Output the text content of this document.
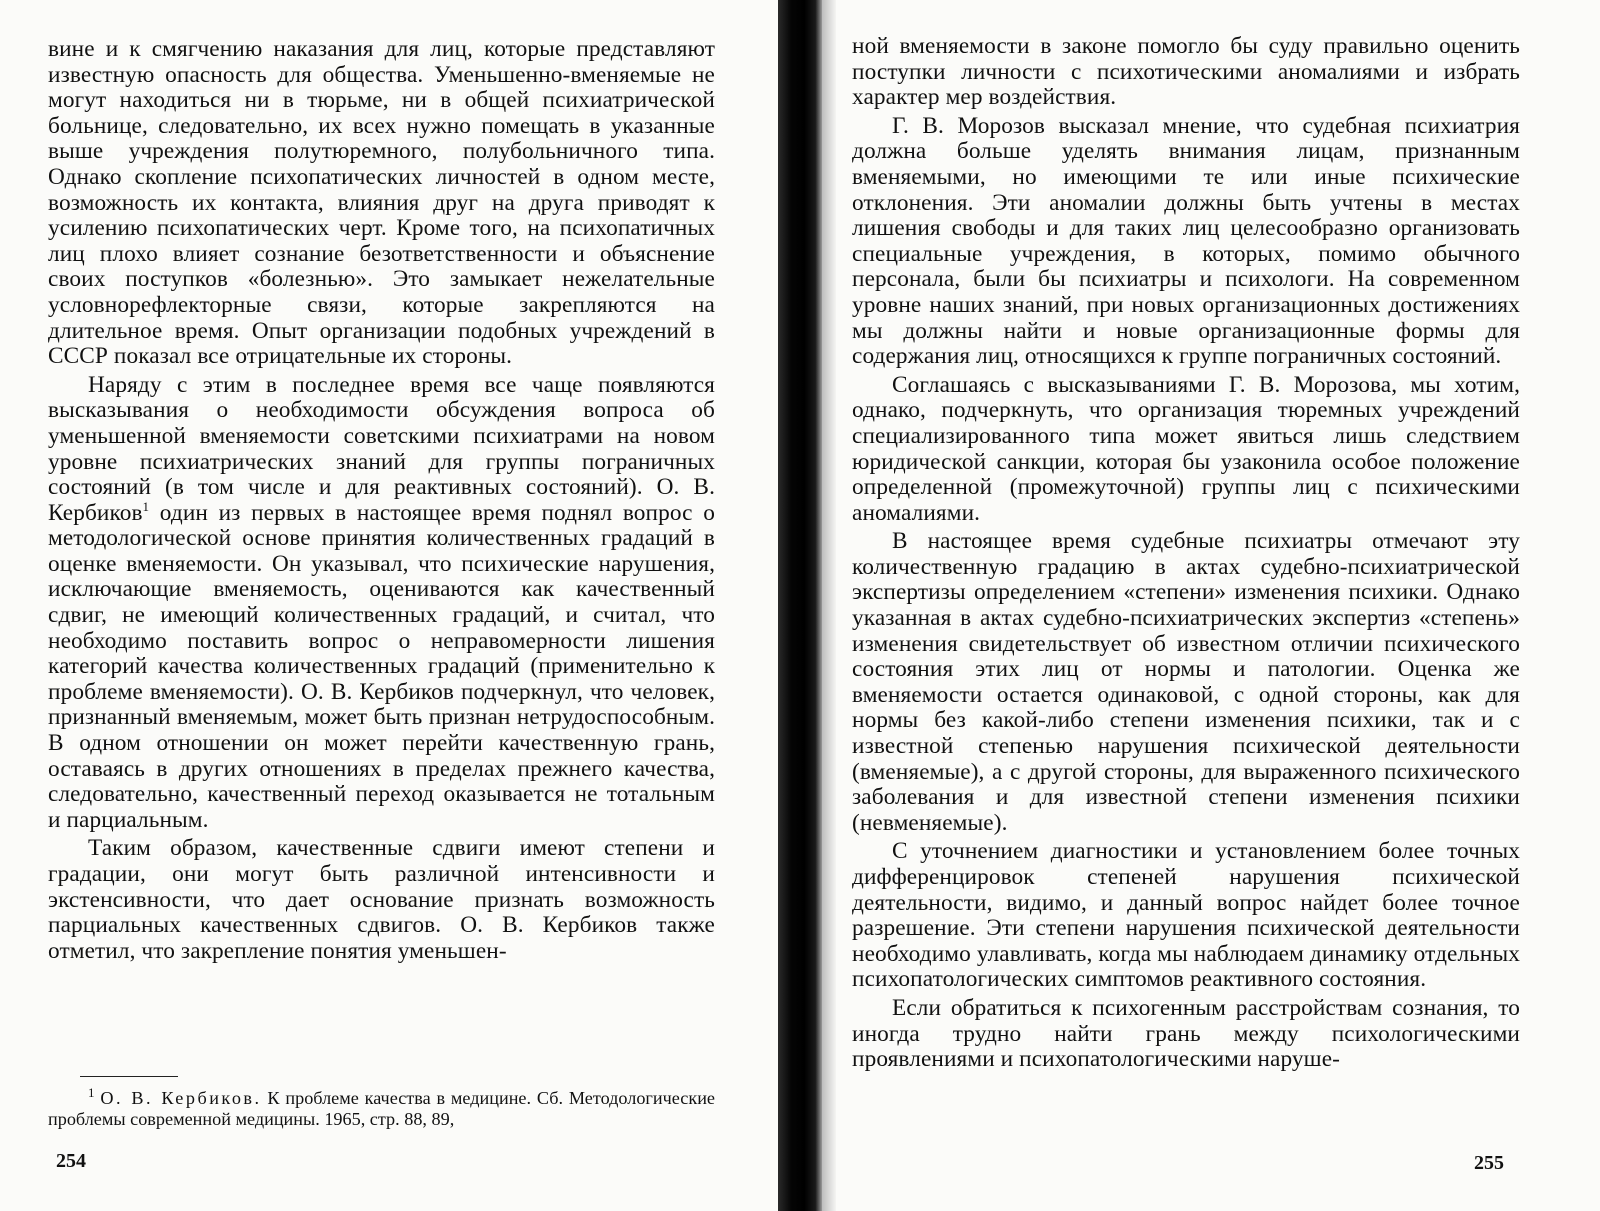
вине и к смягчению наказания для лиц, которые представляют известную опасность для общества. Уменьшенно-вменяемые не могут находиться ни в тюрьме, ни в общей психиатрической больнице, следовательно, их всех нужно помещать в указанные выше учреждения полутюремного, полубольничного типа. Однако скопление психопатических личностей в одном месте, возможность их контакта, влияния друг на друга приводят к усилению психопатических черт. Кроме того, на психопатичных лиц плохо влияет сознание безответственности и объяснение своих поступков «болезнью». Это замыкает нежелательные условнорефлекторные связи, которые закрепляются на длительное время. Опыт организации подобных учреждений в СССР показал все отрицательные их стороны.

Наряду с этим в последнее время все чаще появляются высказывания о необходимости обсуждения вопроса об уменьшенной вменяемости советскими психиатрами на новом уровне психиатрических знаний для группы пограничных состояний (в том числе и для реактивных состояний). О. В. Кербиков$^1$ один из первых в настоящее время поднял вопрос о методологической основе принятия количественных градаций в оценке вменяемости. Он указывал, что психические нарушения, исключающие вменяемость, оцениваются как качественный сдвиг, не имеющий количественных градаций, и считал, что необходимо поставить вопрос о неправомерности лишения категорий качества количественных градаций (применительно к проблеме вменяемости). О. В. Кербиков подчеркнул, что человек, признанный вменяемым, может быть признан нетрудоспособным. В одном отношении он может перейти качественную грань, оставаясь в других отношениях в пределах прежнего качества, следовательно, качественный переход оказывается не тотальным и парциальным.

Таким образом, качественные сдвиги имеют степени и градации, они могут быть различной интенсивности и экстенсивности, что дает основание признать возможность парциальных качественных сдвигов. О. В. Кербиков также отметил, что закрепление понятия уменьшен-

$^1$ О. В. Кербиков. К проблеме качества в медицине. Сб. Методологические проблемы современной медицины. 1965, стр. 88, 89,

254

ной вменяемости в законе помогло бы суду правильно оценить поступки личности с психотическими аномалиями и избрать характер мер воздействия.

Г. В. Морозов высказал мнение, что судебная психиатрия должна больше уделять внимания лицам, признанным вменяемыми, но имеющими те или иные психические отклонения. Эти аномалии должны быть учтены в местах лишения свободы и для таких лиц целесообразно организовать специальные учреждения, в которых, помимо обычного персонала, были бы психиатры и психологи. На современном уровне наших знаний, при новых организационных достижениях мы должны найти и новые организационные формы для содержания лиц, относящихся к группе пограничных состояний.

Соглашаясь с высказываниями Г. В. Морозова, мы хотим, однако, подчеркнуть, что организация тюремных учреждений специализированного типа может явиться лишь следствием юридической санкции, которая бы узаконила особое положение определенной (промежуточной) группы лиц с психическими аномалиями.

В настоящее время судебные психиатры отмечают эту количественную градацию в актах судебно-психиатрической экспертизы определением «степени» изменения психики. Однако указанная в актах судебно-психиатрических экспертиз «степень» изменения свидетельствует об известном отличии психического состояния этих лиц от нормы и патологии. Оценка же вменяемости остается одинаковой, с одной стороны, как для нормы без какой-либо степени изменения психики, так и с известной степенью нарушения психической деятельности (вменяемые), а с другой стороны, для выраженного психического заболевания и для известной степени изменения психики (невменяемые).

С уточнением диагностики и установлением более точных дифференцировок степеней нарушения психической деятельности, видимо, и данный вопрос найдет более точное разрешение. Эти степени нарушения психической деятельности необходимо улавливать, когда мы наблюдаем динамику отдельных психопатологических симптомов реактивного состояния.

Если обратиться к психогенным расстройствам сознания, то иногда трудно найти грань между психологическими проявлениями и психопатологическими наруше-

255
